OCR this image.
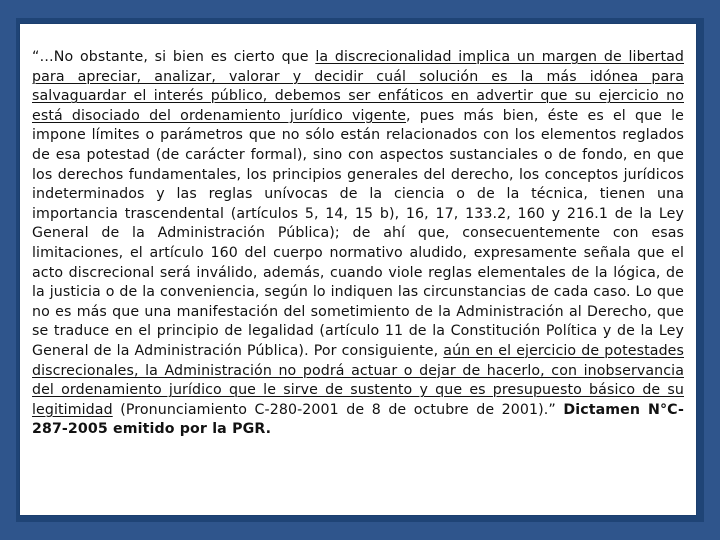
“…No obstante, si bien es cierto que la discrecionalidad implica un margen de libertad para apreciar, analizar, valorar y decidir cuál solución es la más idónea para salvaguardar el interés público, debemos ser enfáticos en advertir que su ejercicio no está disociado del ordenamiento jurídico vigente, pues más bien, éste es el que le impone límites o parámetros que no sólo están relacionados con los elementos reglados de esa potestad (de carácter formal), sino con aspectos sustanciales o de fondo, en que los derechos fundamentales, los principios generales del derecho, los conceptos jurídicos indeterminados y las reglas unívocas de la ciencia o de la técnica, tienen una importancia trascendental (artículos 5, 14, 15 b), 16, 17, 133.2, 160 y 216.1 de la Ley General de la Administración Pública); de ahí que, consecuentemente con esas limitaciones, el artículo 160 del cuerpo normativo aludido, expresamente señala que el acto discrecional será inválido, además, cuando viole reglas elementales de la lógica, de la justicia o de la conveniencia, según lo indiquen las circunstancias de cada caso. Lo que no es más que una manifestación del sometimiento de la Administración al Derecho, que se traduce en el principio de legalidad (artículo 11 de la Constitución Política y de la Ley General de la Administración Pública). Por consiguiente, aún en el ejercicio de potestades discrecionales, la Administración no podrá actuar o dejar de hacerlo, con inobservancia del ordenamiento jurídico que le sirve de sustento y que es presupuesto básico de su legitimidad (Pronunciamiento C-280-2001 de 8 de octubre de 2001).” Dictamen N°C-287-2005 emitido por la PGR.
